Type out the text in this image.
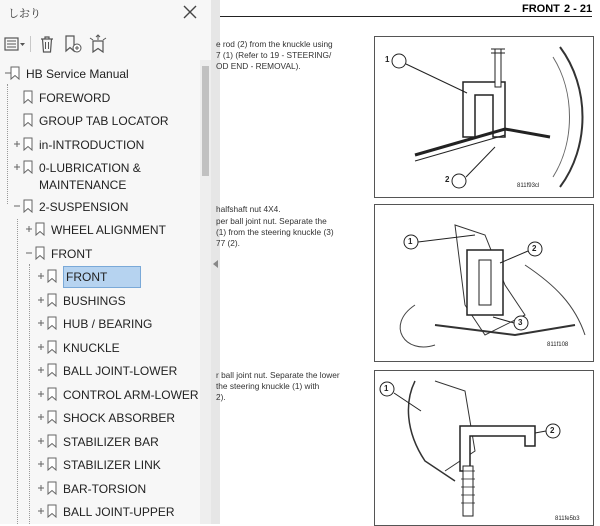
しおり
HB Service Manual
FOREWORD
GROUP TAB LOCATOR
in-INTRODUCTION
0-LUBRICATION &
MAINTENANCE
2-SUSPENSION
WHEEL ALIGNMENT
FRONT
FRONT
BUSHINGS
HUB / BEARING
KNUCKLE
BALL JOINT-LOWER
CONTROL ARM-LOWER
SHOCK ABSORBER
STABILIZER BAR
STABILIZER LINK
BAR-TORSION
BALL JOINT-UPPER
FRONT 2 - 21
e rod (2) from the knuckle using
7 (1) (Refer to 19 - STEERING/
OD END - REMOVAL).
halfshaft nut 4X4.
per ball joint nut. Separate the
(1) from the steering knuckle (3)
77 (2).
r ball joint nut. Separate the lower
the steering knuckle (1) with
2).
1
2
811f93cl
1
2
3
811f108
1
2
811fe5b3
